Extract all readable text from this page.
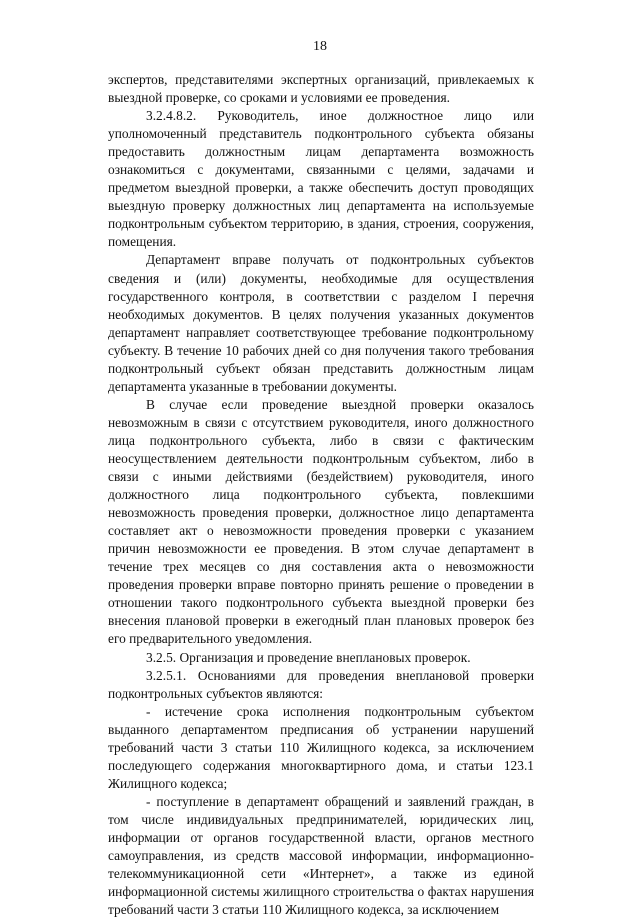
18

экспертов, представителями экспертных организаций, привлекаемых к выездной проверке, со сроками и условиями ее проведения.

3.2.4.8.2. Руководитель, иное должностное лицо или уполномоченный представитель подконтрольного субъекта обязаны предоставить должностным лицам департамента возможность ознакомиться с документами, связанными с целями, задачами и предметом выездной проверки, а также обеспечить доступ проводящих выездную проверку должностных лиц департамента на используемые подконтрольным субъектом территорию, в здания, строения, сооружения, помещения.

Департамент вправе получать от подконтрольных субъектов сведения и (или) документы, необходимые для осуществления государственного контроля, в соответствии с разделом I перечня необходимых документов. В целях получения указанных документов департамент направляет соответствующее требование подконтрольному субъекту. В течение 10 рабочих дней со дня получения такого требования подконтрольный субъект обязан представить должностным лицам департамента указанные в требовании документы.

В случае если проведение выездной проверки оказалось невозможным в связи с отсутствием руководителя, иного должностного лица подконтрольного субъекта, либо в связи с фактическим неосуществлением деятельности подконтрольным субъектом, либо в связи с иными действиями (бездействием) руководителя, иного должностного лица подконтрольного субъекта, повлекшими невозможность проведения проверки, должностное лицо департамента составляет акт о невозможности проведения проверки с указанием причин невозможности ее проведения. В этом случае департамент в течение трех месяцев со дня составления акта о невозможности проведения проверки вправе повторно принять решение о проведении в отношении такого подконтрольного субъекта выездной проверки без внесения плановой проверки в ежегодный план плановых проверок без его предварительного уведомления.

3.2.5. Организация и проведение внеплановых проверок.

3.2.5.1. Основаниями для проведения внеплановой проверки подконтрольных субъектов являются:

- истечение срока исполнения подконтрольным субъектом выданного департаментом предписания об устранении нарушений требований части 3 статьи 110 Жилищного кодекса, за исключением последующего содержания многоквартирного дома, и статьи 123.1 Жилищного кодекса;

- поступление в департамент обращений и заявлений граждан, в том числе индивидуальных предпринимателей, юридических лиц, информации от органов государственной власти, органов местного самоуправления, из средств массовой информации, информационно-телекоммуникационной сети «Интернет», а также из единой информационной системы жилищного строительства о фактах нарушения требований части 3 статьи 110 Жилищного кодекса, за исключением
